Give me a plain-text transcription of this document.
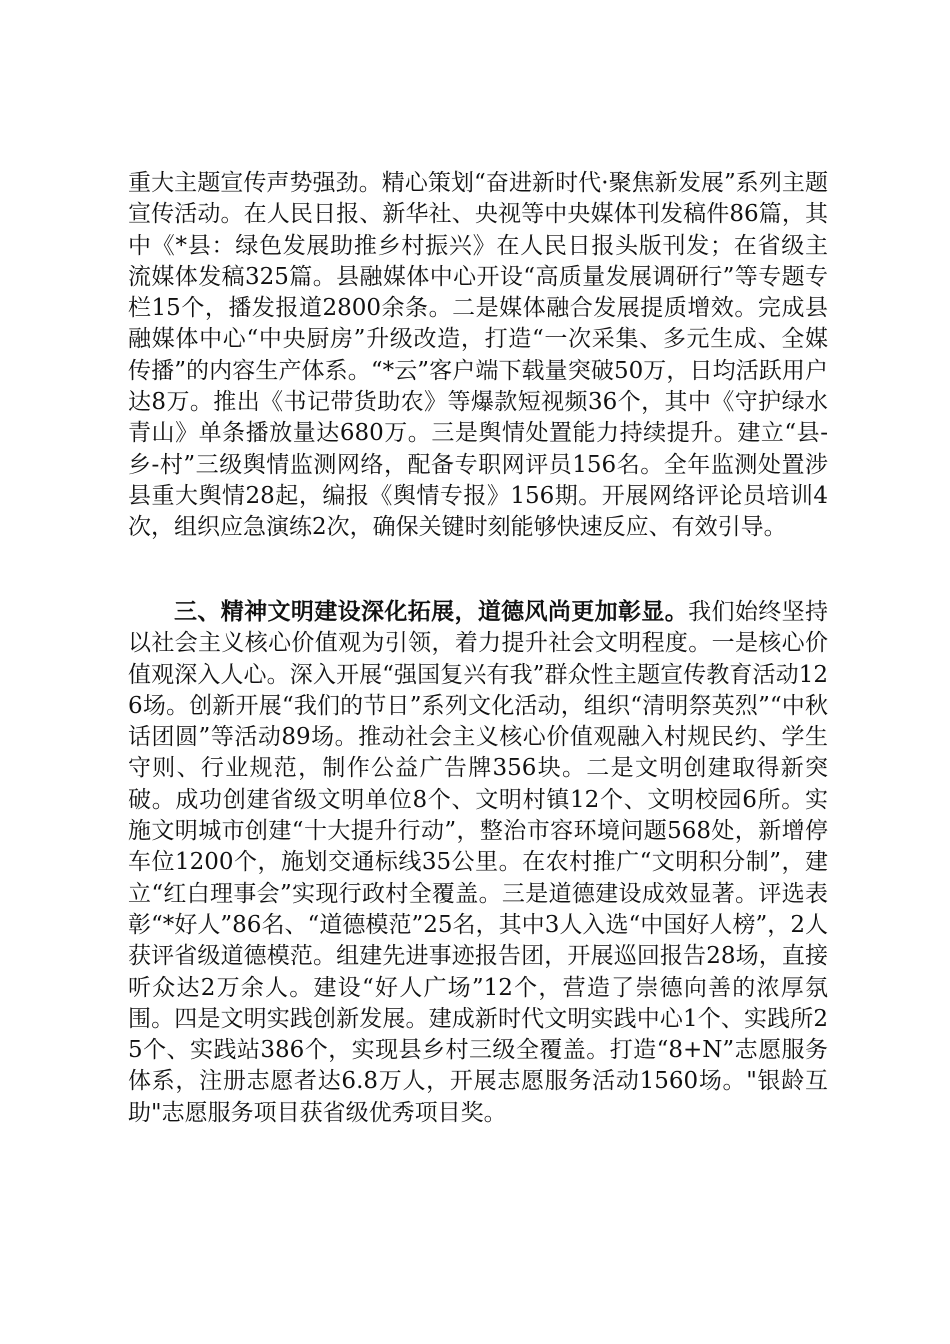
重大主题宣传声势强劲。精心策划“奋进新时代·聚焦新发展”系列主题宣传活动。在人民日报、新华社、央视等中央媒体刊发稿件86篇，其中《*县：绿色发展助推乡村振兴》在人民日报头版刊发；在省级主流媒体发稿325篇。县融媒体中心开设“高质量发展调研行”等专题专栏15个，播发报道2800余条。二是媒体融合发展提质增效。完成县融媒体中心“中央厨房”升级改造，打造“一次采集、多元生成、全媒传播”的内容生产体系。“*云”客户端下载量突破50万，日均活跃用户达8万。推出《书记带货助农》等爆款短视频36个，其中《守护绿水青山》单条播放量达680万。三是舆情处置能力持续提升。建立“县-乡-村”三级舆情监测网络，配备专职网评员156名。全年监测处置涉县重大舆情28起，编报《舆情专报》156期。开展网络评论员培训4次，组织应急演练2次，确保关键时刻能够快速反应、有效引导。

三、精神文明建设深化拓展，道德风尚更加彰显。我们始终坚持以社会主义核心价值观为引领，着力提升社会文明程度。一是核心价值观深入人心。深入开展“强国复兴有我”群众性主题宣传教育活动126场。创新开展“我们的节日”系列文化活动，组织“清明祭英烈”“中秋话团圆”等活动89场。推动社会主义核心价值观融入村规民约、学生守则、行业规范，制作公益广告牌356块。二是文明创建取得新突破。成功创建省级文明单位8个、文明村镇12个、文明校园6所。实施文明城市创建“十大提升行动”，整治市容环境问题568处，新增停车位1200个，施划交通标线35公里。在农村推广“文明积分制”，建立“红白理事会”实现行政村全覆盖。三是道德建设成效显著。评选表彰“*好人”86名、“道德模范”25名，其中3人入选“中国好人榜”，2人获评省级道德模范。组建先进事迹报告团，开展巡回报告28场，直接听众达2万余人。建设“好人广场”12个，营造了崇德向善的浓厚氛围。四是文明实践创新发展。建成新时代文明实践中心1个、实践所25个、实践站386个，实现县乡村三级全覆盖。打造“8+N”志愿服务体系，注册志愿者达6.8万人，开展志愿服务活动1560场。"银龄互助"志愿服务项目获省级优秀项目奖。
